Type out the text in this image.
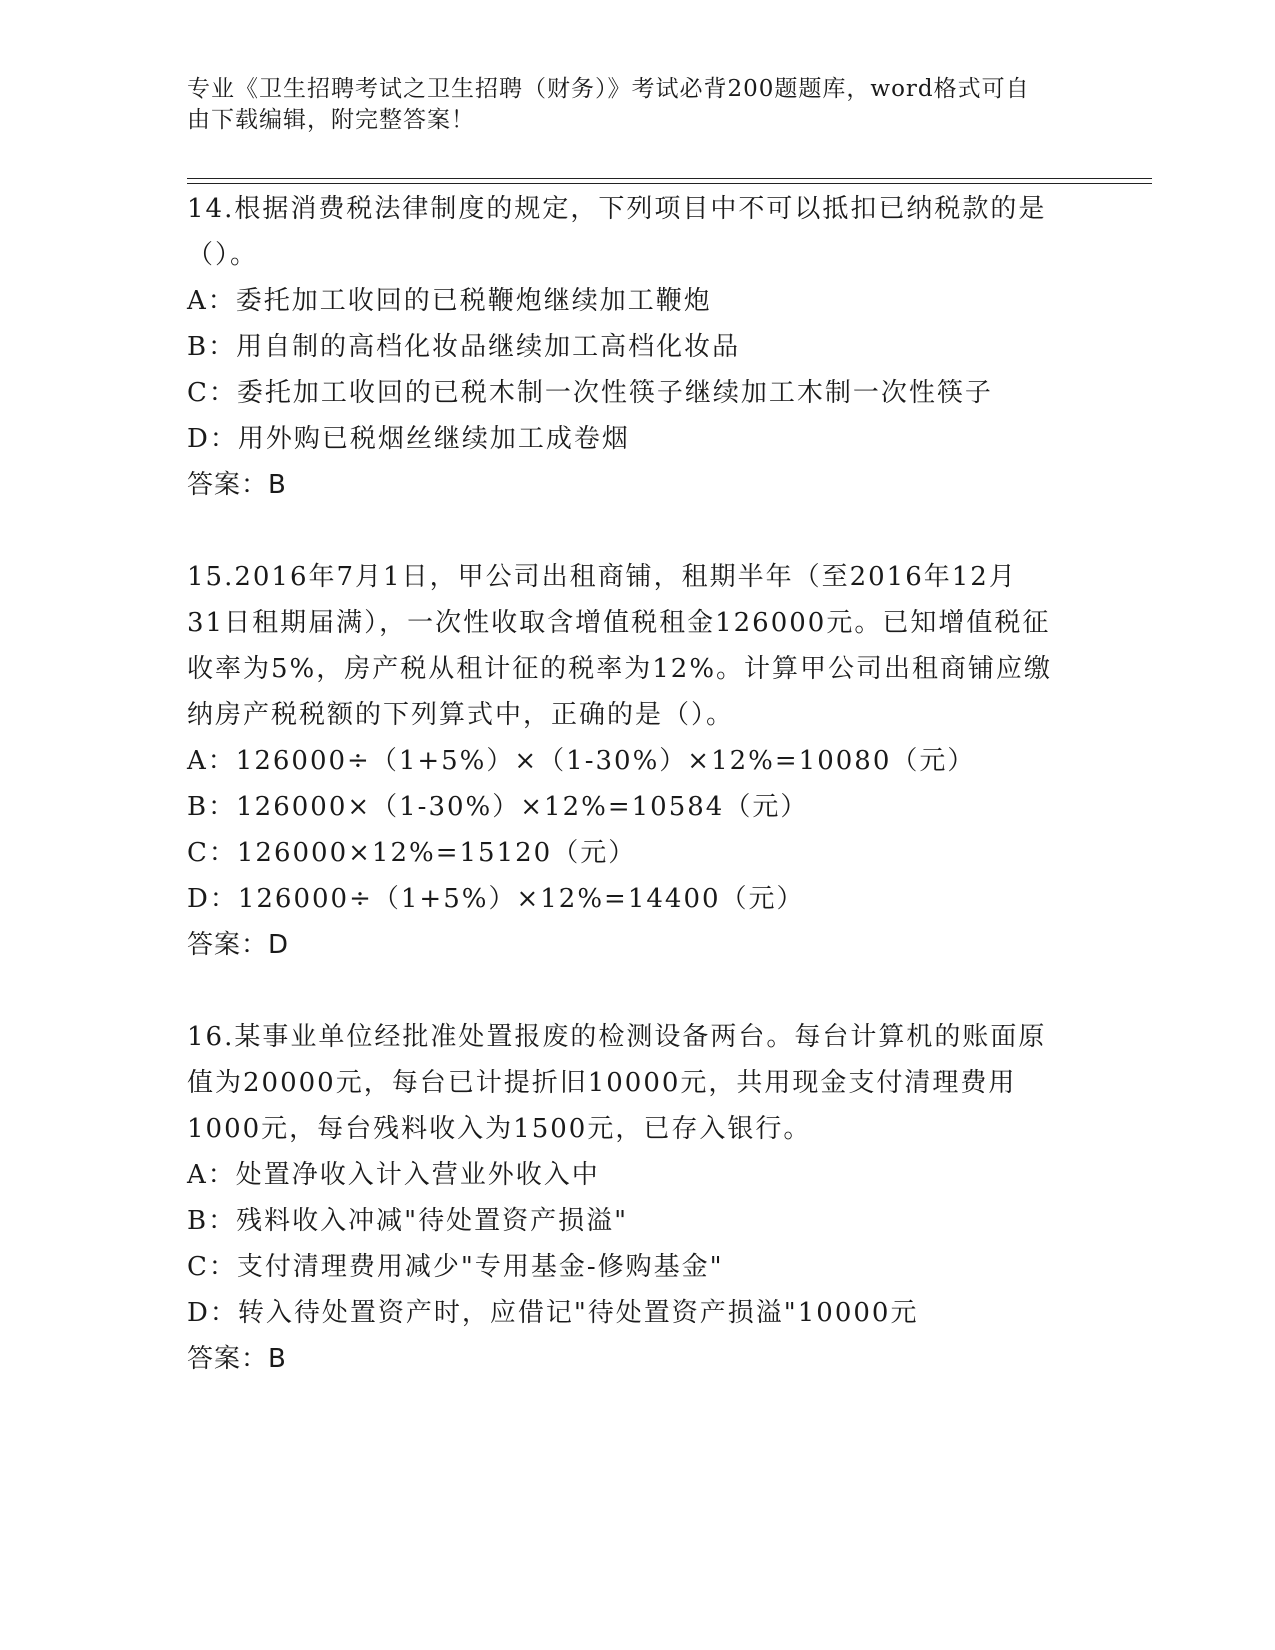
专业《卫生招聘考试之卫生招聘（财务）》考试必背200题题库，word格式可自
由下载编辑，附完整答案！
14.根据消费税法律制度的规定，下列项目中不可以抵扣已纳税款的是
（）。
A：委托加工收回的已税鞭炮继续加工鞭炮
B：用自制的高档化妆品继续加工高档化妆品
C：委托加工收回的已税木制一次性筷子继续加工木制一次性筷子
D：用外购已税烟丝继续加工成卷烟
答案：B
15.2016年7月1日，甲公司出租商铺，租期半年（至2016年12月
31日租期届满），一次性收取含增值税租金126000元。已知增值税征
收率为5%，房产税从租计征的税率为12%。计算甲公司出租商铺应缴
纳房产税税额的下列算式中，正确的是（）。
A：126000÷（1+5%）×（1-30%）×12%=10080（元）
B：126000×（1-30%）×12%=10584（元）
C：126000×12%=15120（元）
D：126000÷（1+5%）×12%=14400（元）
答案：D
16.某事业单位经批准处置报废的检测设备两台。每台计算机的账面原
值为20000元，每台已计提折旧10000元，共用现金支付清理费用
1000元，每台残料收入为1500元，已存入银行。
A：处置净收入计入营业外收入中
B：残料收入冲减"待处置资产损溢"
C：支付清理费用减少"专用基金-修购基金"
D：转入待处置资产时，应借记"待处置资产损溢"10000元
答案：B
